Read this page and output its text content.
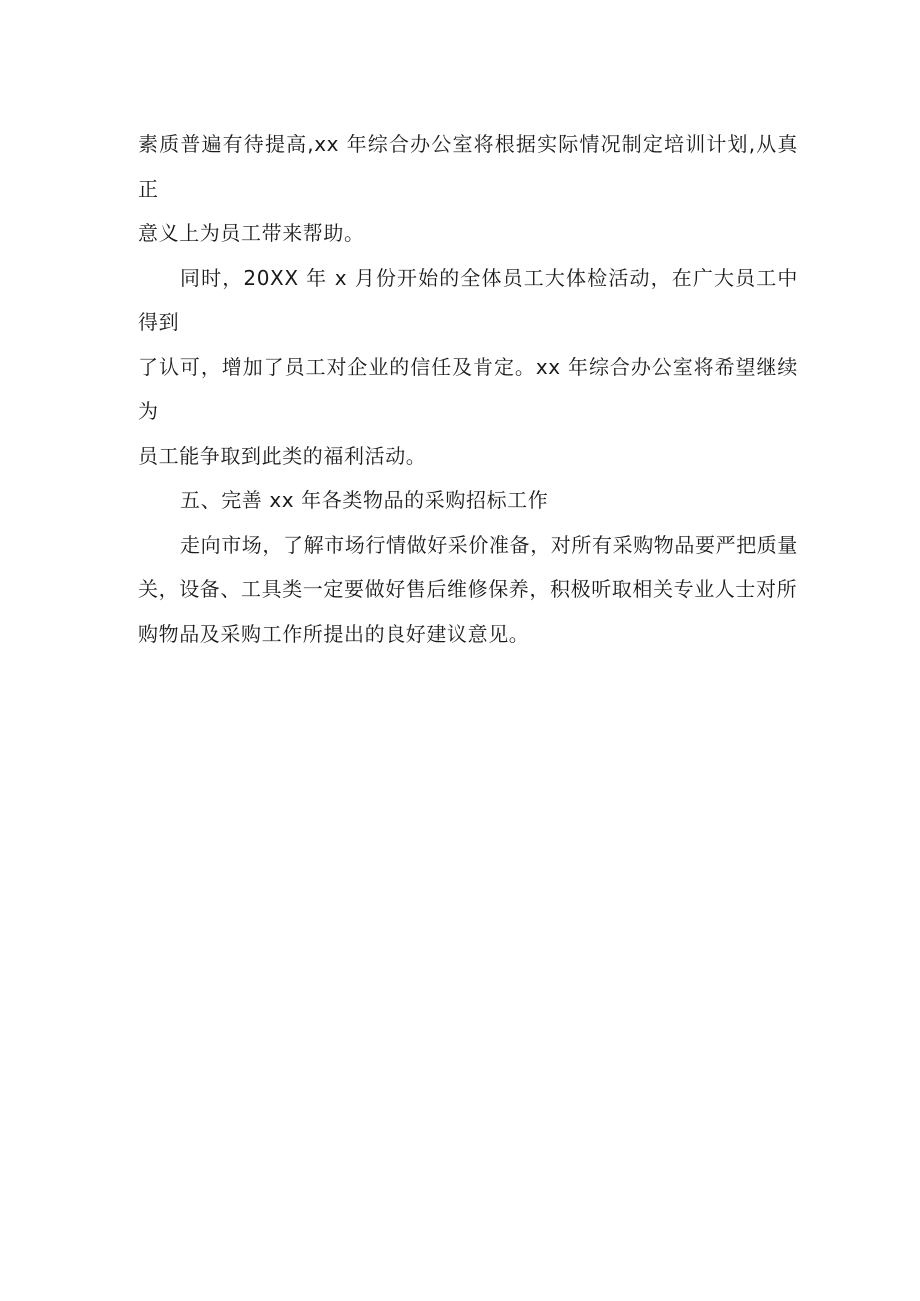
素质普遍有待提高,xx 年综合办公室将根据实际情况制定培训计划,从真正
意义上为员工带来帮助。

同时，20XX 年 x 月份开始的全体员工大体检活动，在广大员工中得到
了认可，增加了员工对企业的信任及肯定。xx 年综合办公室将希望继续为
员工能争取到此类的福利活动。

五、完善 xx 年各类物品的采购招标工作

走向市场，了解市场行情做好采价准备，对所有采购物品要严把质量
关，设备、工具类一定要做好售后维修保养，积极听取相关专业人士对所
购物品及采购工作所提出的良好建议意见。
